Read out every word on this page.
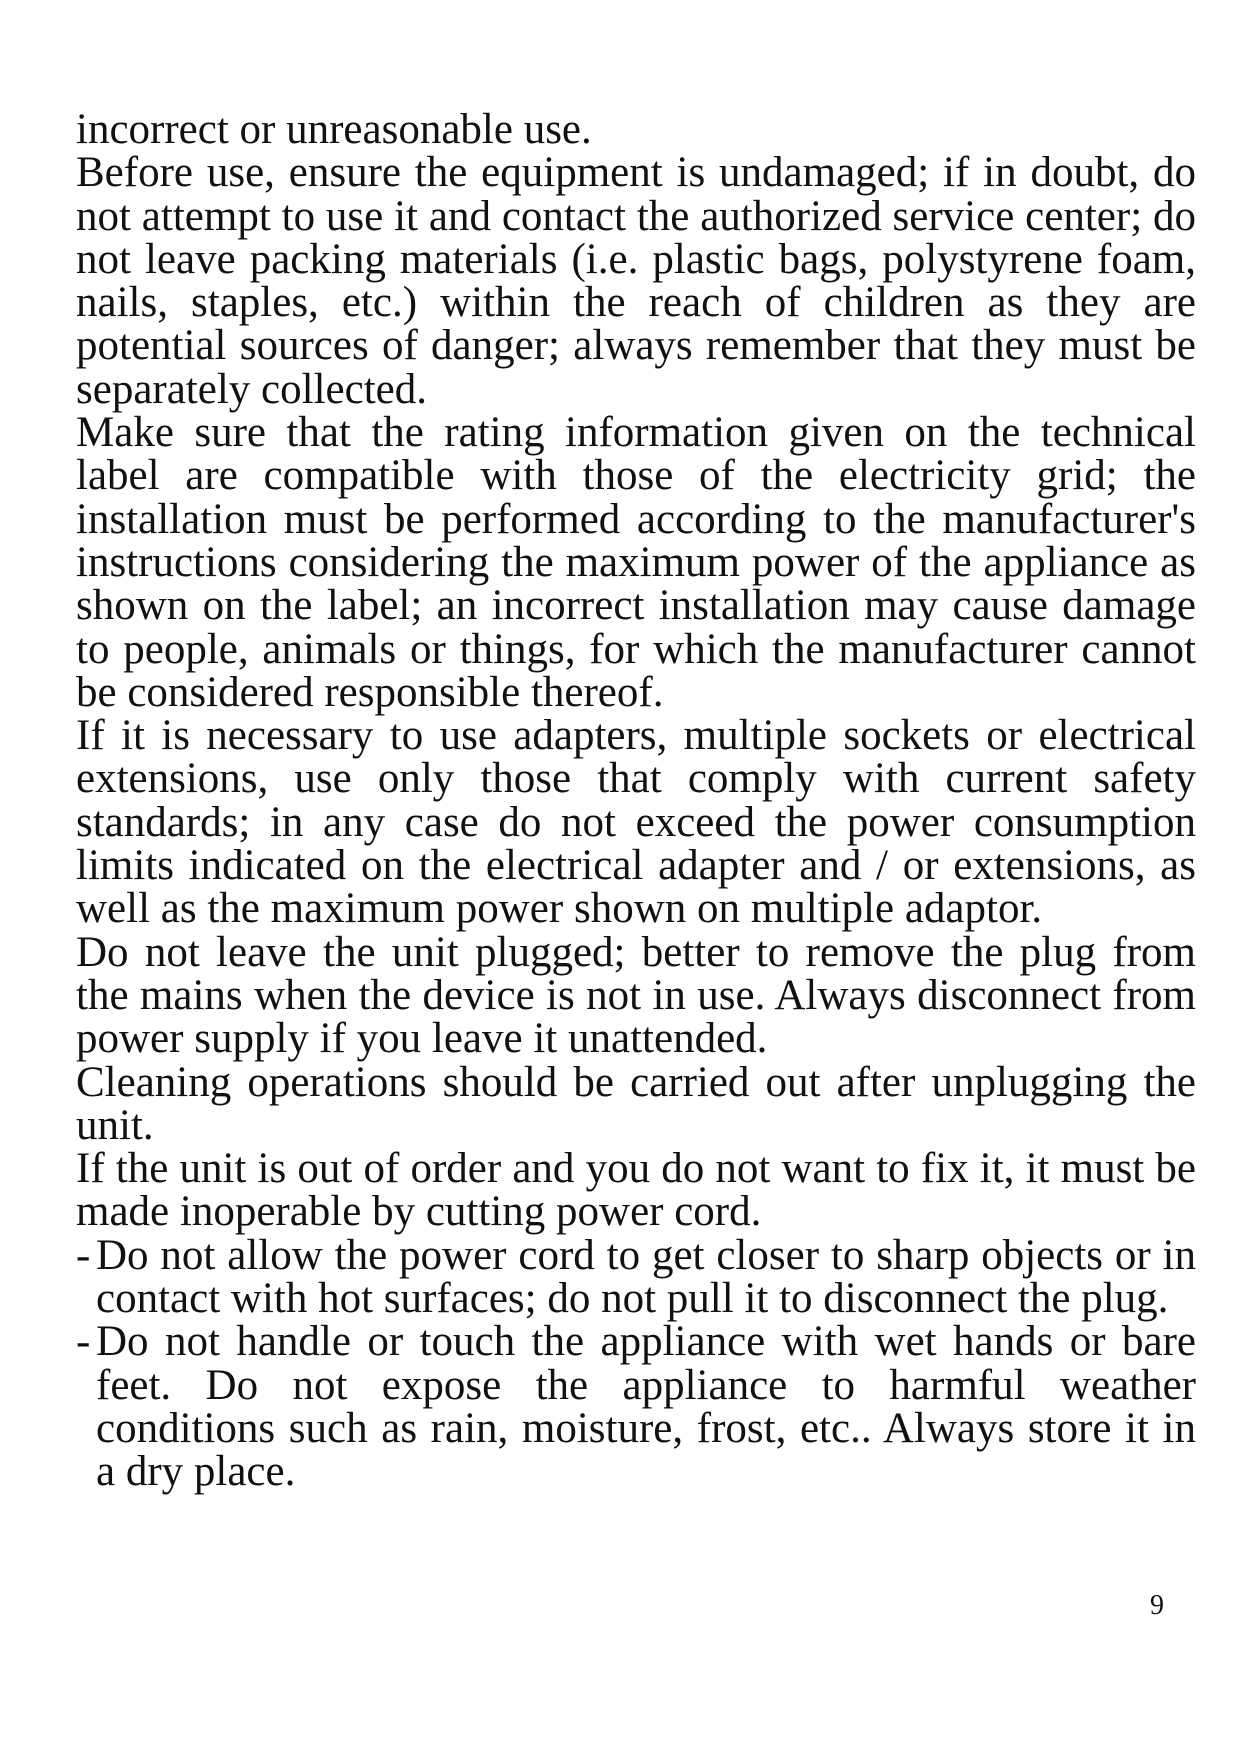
incorrect or unreasonable use.

Before use, ensure the equipment is undamaged; if in doubt, do not attempt to use it and contact the authorized service center; do not leave packing materials (i.e. plastic bags, polystyrene foam, nails, staples, etc.) within the reach of children as they are potential sources of danger; always remember that they must be separately collected.

Make sure that the rating information given on the technical label are compatible with those of the electricity grid; the installation must be performed according to the manufacturer's instructions considering the maximum power of the appliance as shown on the label; an incorrect installation may cause damage to people, animals or things, for which the manufacturer cannot be considered responsible thereof.

If it is necessary to use adapters, multiple sockets or electrical extensions, use only those that comply with current safety standards; in any case do not exceed the power consumption limits indicated on the electrical adapter and / or extensions, as well as the maximum power shown on multiple adaptor.

Do not leave the unit plugged; better to remove the plug from the mains when the device is not in use. Always disconnect from power supply if you leave it unattended.

Cleaning operations should be carried out after unplugging the unit.

If the unit is out of order and you do not want to fix it, it must be made inoperable by cutting power cord.

- Do not allow the power cord to get closer to sharp objects or in contact with hot surfaces; do not pull it to disconnect the plug.
- Do not handle or touch the appliance with wet hands or bare feet. Do not expose the appliance to harmful weather conditions such as rain, moisture, frost, etc.. Always store it in a dry place.
9
